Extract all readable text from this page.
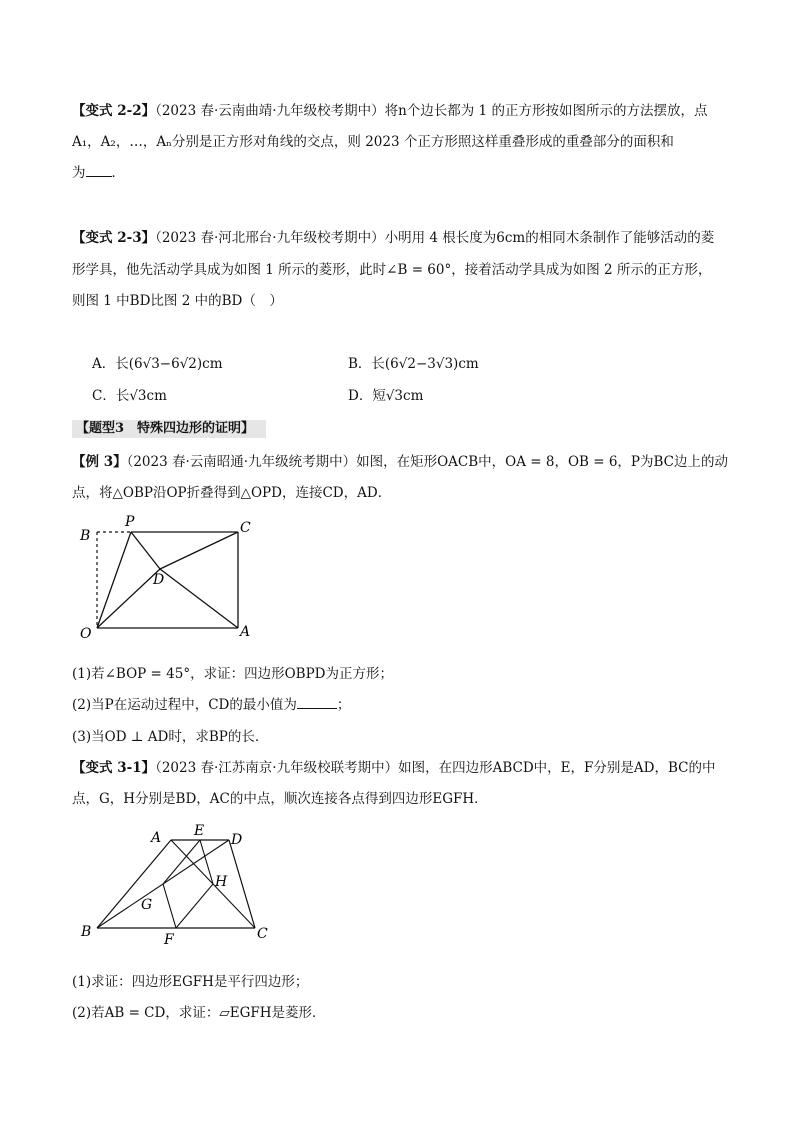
【变式 2-2】（2023 春·云南曲靖·九年级校考期中）将n个边长都为 1 的正方形按如图所示的方法摆放，点
A₁，A₂，…，Aₙ分别是正方形对角线的交点，则 2023 个正方形照这样重叠形成的重叠部分的面积和
为 ．
【变式 2-3】（2023 春·河北邢台·九年级校考期中）小明用 4 根长度为6cm的相同木条制作了能够活动的菱
形学具，他先活动学具成为如图 1 所示的菱形，此时∠B = 60°，接着活动学具成为如图 2 所示的正方形，
则图 1 中BD比图 2 中的BD（　）
A．长(6√3−6√2)cm	B．长(6√2−3√3)cm
C．长√3cm	D．短√3cm
【题型3　特殊四边形的证明】
【例 3】（2023 春·云南昭通·九年级统考期中）如图，在矩形OACB中，OA = 8，OB = 6，P为BC边上的动
点，将△OBP沿OP折叠得到△OPD，连接CD，AD．
B
P	C
D
O	A
(1)若∠BOP = 45°，求证：四边形OBPD为正方形；
(2)当P在运动过程中，CD的最小值为	；
(3)当OD ⊥ AD时，求BP的长．
【变式 3-1】（2023 春·江苏南京·九年级校联考期中）如图，在四边形ABCD中，E，F分别是AD，BC的中
点，G，H分别是BD，AC的中点，顺次连接各点得到四边形EGFH．
A E
D
H
G
B	F	C
(1)求证：四边形EGFH是平行四边形；
(2)若AB = CD，求证：▱EGFH是菱形．
